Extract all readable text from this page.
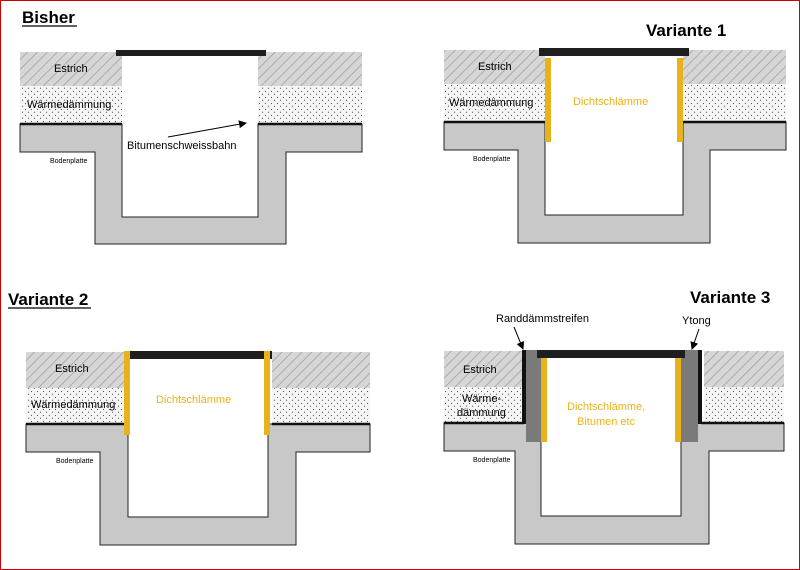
Bisher
Estrich
Wärmedämmung
Bodenplatte
Bitumenschweissbahn
Variante 1
Estrich
Wärmedämmung
Bodenplatte
Dichtschlämme
Variante 2
Estrich
Wärmedämmung
Bodenplatte
Dichtschlämme
Variante 3
Estrich
Wärme-
dämmung
Bodenplatte
Dichtschlämme,
Bitumen etc
Randdämmstreifen	Ytong
